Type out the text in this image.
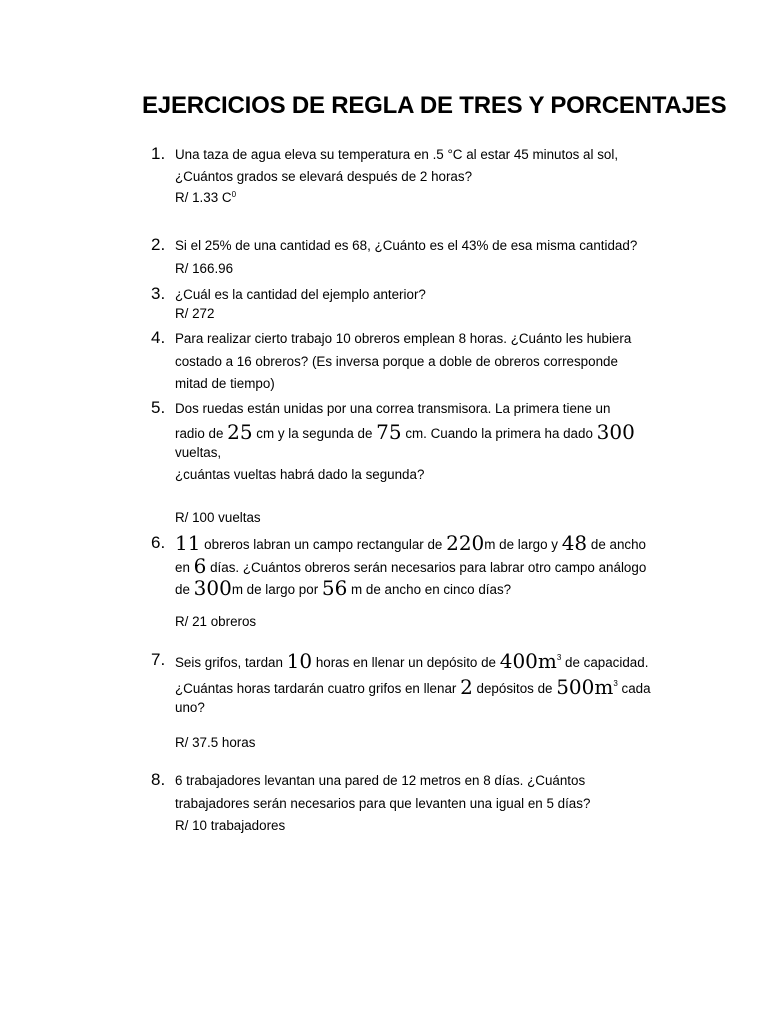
EJERCICIOS DE REGLA DE TRES Y PORCENTAJES
1. Una taza de agua eleva su temperatura en .5 °C al estar 45 minutos al sol,
¿Cuántos grados se elevará después de 2 horas?
R/ 1.33 $C^0$
2. Si el 25% de una cantidad es 68, ¿Cuánto es el 43% de esa misma cantidad?
R/ 166.96
3. ¿Cuál es la cantidad del ejemplo anterior?
R/ 272
4. Para realizar cierto trabajo 10 obreros emplean 8 horas. ¿Cuánto les hubiera
costado a 16 obreros? (Es inversa porque a doble de obreros corresponde
mitad de tiempo)
5. Dos ruedas están unidas por una correa transmisora. La primera tiene un
radio de 25 cm y la segunda de 75 cm. Cuando la primera ha dado 300
vueltas,
¿cuántas vueltas habrá dado la segunda?
R/ 100 vueltas
6. 11 obreros labran un campo rectangular de 220m de largo y 48 de ancho
en 6 días. ¿Cuántos obreros serán necesarios para labrar otro campo análogo
de 300m de largo por 56 m de ancho en cinco días?
R/ 21 obreros
7. Seis grifos, tardan 10 horas en llenar un depósito de $400m^3$ de capacidad.
¿Cuántas horas tardarán cuatro grifos en llenar 2 depósitos de $500m^3$ cada
uno?
R/ 37.5 horas
8. 6 trabajadores levantan una pared de 12 metros en 8 días. ¿Cuántos
trabajadores serán necesarios para que levanten una igual en 5 días?
R/ 10 trabajadores
